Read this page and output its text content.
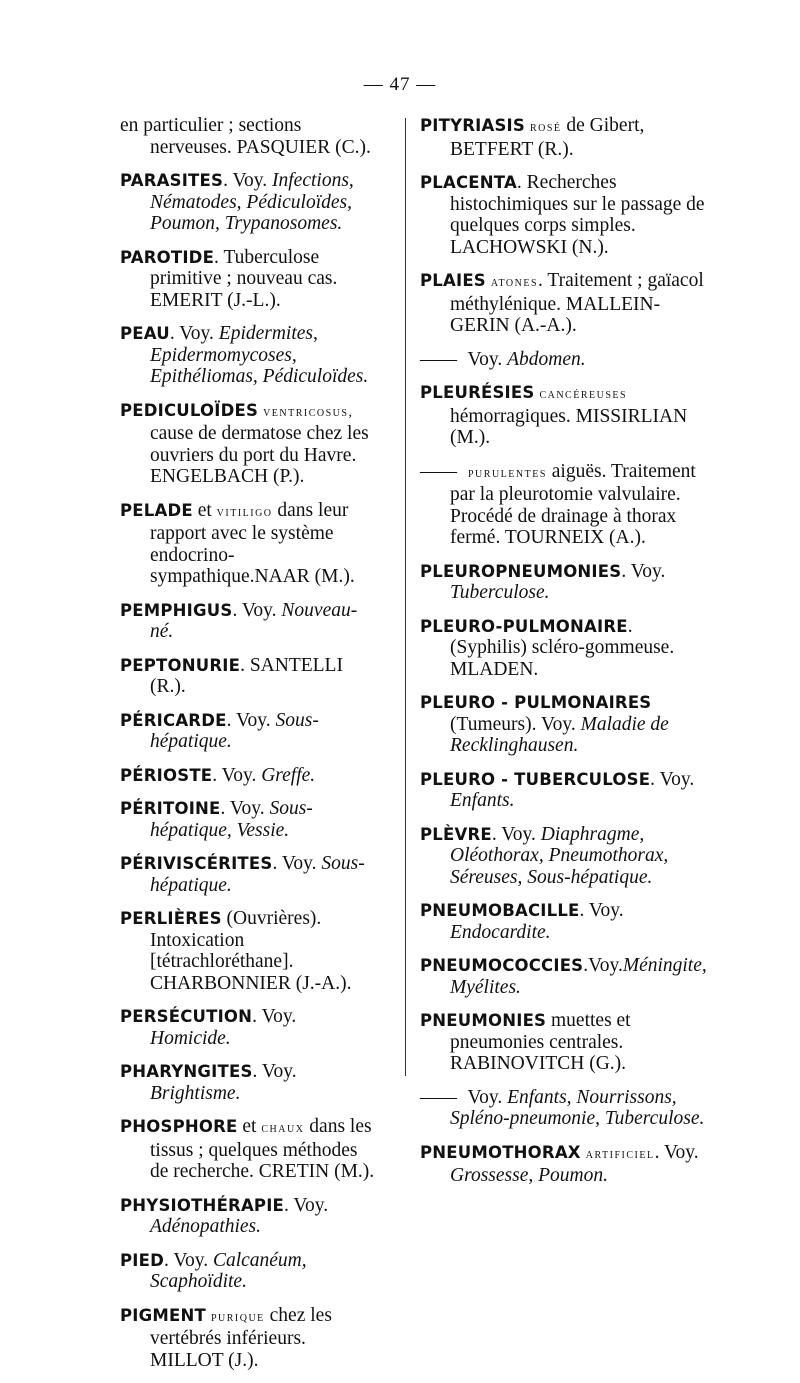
— 47 —

en particulier ; sections nerveuses. PASQUIER (C.).

PARASITES. Voy. Infections, Nématodes, Pédiculoïdes, Poumon, Trypanosomes.

PAROTIDE. Tuberculose primitive ; nouveau cas. EMERIT (J.-L.).

PEAU. Voy. Epidermites, Epidermomycoses, Epithéliomas, Pédiculoïdes.

PEDICULOÏDES ventricosus, cause de dermatose chez les ouvriers du port du Havre. ENGELBACH (P.).

PELADE et vitiligo dans leur rapport avec le système endocrino-sympathique.NAAR (M.).

PEMPHIGUS. Voy. Nouveau-né.

PEPTONURIE. SANTELLI (R.).

PÉRICARDE. Voy. Sous-hépatique.

PÉRIOSTE. Voy. Greffe.

PÉRITOINE. Voy. Sous-hépatique, Vessie.

PÉRIVISCÉRITES. Voy. Sous-hépatique.

PERLIÈRES (Ouvrières). Intoxication [tétrachloréthane]. CHARBONNIER (J.-A.).

PERSÉCUTION. Voy. Homicide.

PHARYNGITES. Voy. Brightisme.

PHOSPHORE et chaux dans les tissus ; quelques méthodes de recherche. CRETIN (M.).

PHYSIOTHÉRAPIE. Voy. Adénopathies.

PIED. Voy. Calcanéum, Scaphoïdite.

PIGMENT purique chez les vertébrés inférieurs. MILLOT (J.).

PITYRIASIS rosé de Gibert, BETFERT (R.).

PLACENTA. Recherches histochimiques sur le passage de quelques corps simples. LACHOWSKI (N.).

PLAIES atones. Traitement ; gaïacol méthylénique. MALLEIN-GERIN (A.-A.).

—— Voy. Abdomen.

PLEURÉSIES cancéreuses hémorragiques. MISSIRLIAN (M.).

—— purulentes aiguës. Traitement par la pleurotomie valvulaire. Procédé de drainage à thorax fermé. TOURNEIX (A.).

PLEUROPNEUMONIES. Voy. Tuberculose.

PLEURO-PULMONAIRE. (Syphilis) scléro-gommeuse. MLADEN.

PLEURO - PULMONAIRES (Tumeurs). Voy. Maladie de Recklinghausen.

PLEURO - TUBERCULOSE. Voy. Enfants.

PLÈVRE. Voy. Diaphragme, Oléothorax, Pneumothorax, Séreuses, Sous-hépatique.

PNEUMOBACILLE. Voy. Endocardite.

PNEUMOCOCCIES.Voy.Méningite, Myélites.

PNEUMONIES muettes et pneumonies centrales. RABINOVITCH (G.).

—— Voy. Enfants, Nourrissons, Spléno-pneumonie, Tuberculose.

PNEUMOTHORAX artificiel. Voy. Grossesse, Poumon.
